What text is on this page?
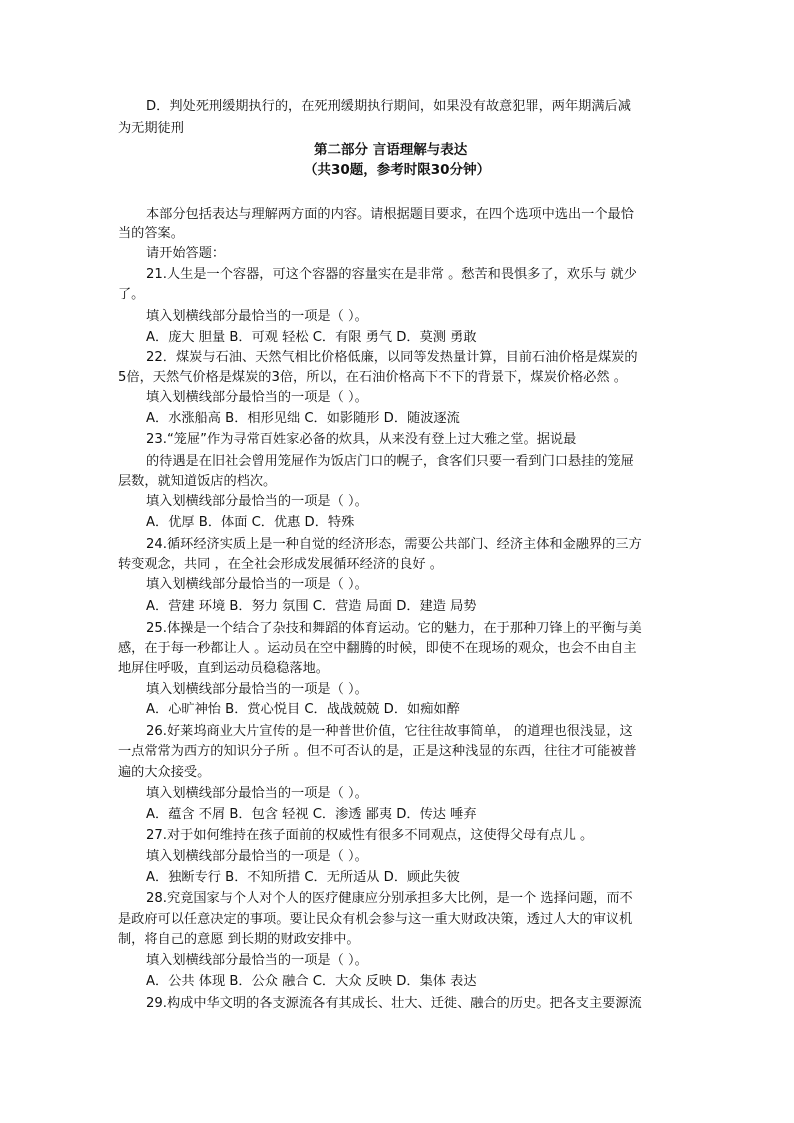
D．判处死刑缓期执行的，在死刑缓期执行期间，如果没有故意犯罪，两年期满后减
为无期徒刑
第二部分 言语理解与表达
（共30题，参考时限30分钟）
本部分包括表达与理解两方面的内容。请根据题目要求，在四个选项中选出一个最恰
当的答案。
请开始答题：
21.人生是一个容器，可这个容器的容量实在是非常 。愁苦和畏惧多了，欢乐与 就少
了。
填入划横线部分最恰当的一项是（ ）。
A．庞大 胆量 B．可观 轻松 C．有限 勇气 D．莫测 勇敢
22．煤炭与石油、天然气相比价格低廉，以同等发热量计算，目前石油价格是煤炭的
5倍，天然气价格是煤炭的3倍，所以，在石油价格高下不下的背景下，煤炭价格必然 。
填入划横线部分最恰当的一项是（ ）。
A．水涨船高 B．相形见绌 C．如影随形 D．随波逐流
23.“笼屉”作为寻常百姓家必备的炊具，从来没有登上过大雅之堂。据说最
的待遇是在旧社会曾用笼屉作为饭店门口的幌子，食客们只要一看到门口悬挂的笼屉
层数，就知道饭店的档次。
填入划横线部分最恰当的一项是（ ）。
A．优厚 B．体面 C．优惠 D．特殊
24.循环经济实质上是一种自觉的经济形态，需要公共部门、经济主体和金融界的三方
转变观念，共同 ，在全社会形成发展循环经济的良好 。
填入划横线部分最恰当的一项是（ ）。
A．营建 环境 B．努力 氛围 C．营造 局面 D．建造 局势
25.体操是一个结合了杂技和舞蹈的体育运动。它的魅力，在于那种刀锋上的平衡与美
感，在于每一秒都让人 。运动员在空中翻腾的时候，即使不在现场的观众，也会不由自主
地屏住呼吸，直到运动员稳稳落地。
填入划横线部分最恰当的一项是（ ）。
A．心旷神怡 B．赏心悦目 C．战战兢兢 D．如痴如醉
26.好莱坞商业大片宣传的是一种普世价值，它往往故事简单， 的道理也很浅显，这
一点常常为西方的知识分子所 。但不可否认的是，正是这种浅显的东西，往往才可能被普
遍的大众接受。
填入划横线部分最恰当的一项是（ ）。
A．蕴含 不屑 B．包含 轻视 C．渗透 鄙夷 D．传达 唾弃
27.对于如何维持在孩子面前的权威性有很多不同观点，这使得父母有点儿 。
填入划横线部分最恰当的一项是（ ）。
A．独断专行 B．不知所措 C．无所适从 D．顾此失彼
28.究竟国家与个人对个人的医疗健康应分别承担多大比例，是一个 选择问题，而不
是政府可以任意决定的事项。要让民众有机会参与这一重大财政决策，透过人大的审议机
制，将自己的意愿 到长期的财政安排中。
填入划横线部分最恰当的一项是（ ）。
A．公共 体现 B．公众 融合 C．大众 反映 D．集体 表达
29.构成中华文明的各支源流各有其成长、壮大、迁徙、融合的历史。把各支主要源流
